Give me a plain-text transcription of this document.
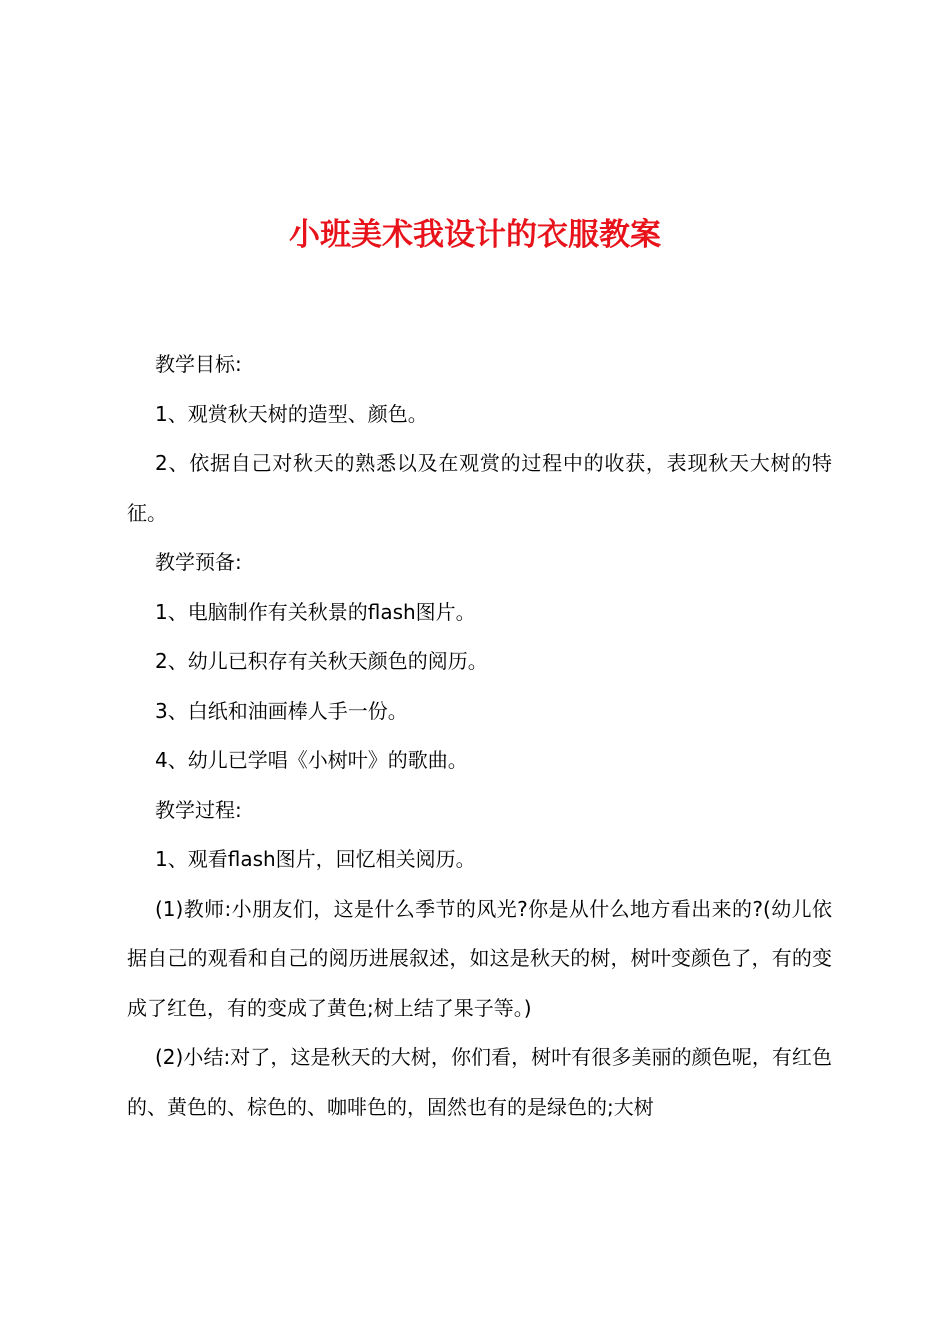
小班美术我设计的衣服教案

教学目标:

1、观赏秋天树的造型、颜色。

2、依据自己对秋天的熟悉以及在观赏的过程中的收获，表现秋天大树的特征。

教学预备:

1、电脑制作有关秋景的flash图片。

2、幼儿已积存有关秋天颜色的阅历。

3、白纸和油画棒人手一份。

4、幼儿已学唱《小树叶》的歌曲。

教学过程:

1、观看flash图片，回忆相关阅历。

(1)教师:小朋友们，这是什么季节的风光?你是从什么地方看出来的?(幼儿依据自己的观看和自己的阅历进展叙述，如这是秋天的树，树叶变颜色了，有的变成了红色，有的变成了黄色;树上结了果子等。)

(2)小结:对了，这是秋天的大树，你们看，树叶有很多美丽的颜色呢，有红色的、黄色的、棕色的、咖啡色的，固然也有的是绿色的;大树
